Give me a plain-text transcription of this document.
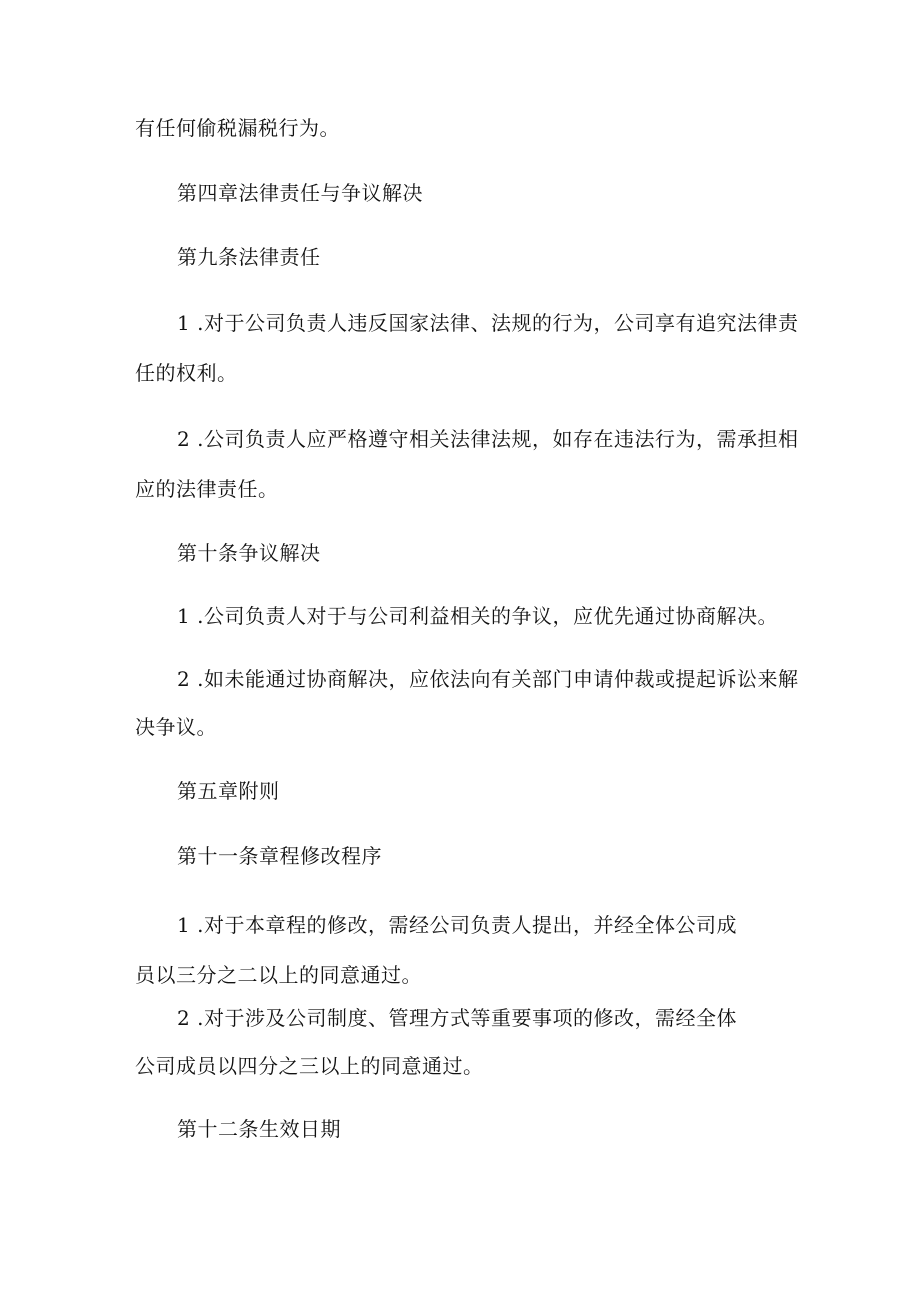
有任何偷税漏税行为。
第四章法律责任与争议解决
第九条法律责任
1 .对于公司负责人违反国家法律、法规的行为，公司享有追究法律责
任的权利。
2 .公司负责人应严格遵守相关法律法规，如存在违法行为，需承担相
应的法律责任。
第十条争议解决
1 .公司负责人对于与公司利益相关的争议，应优先通过协商解决。
2 .如未能通过协商解决，应依法向有关部门申请仲裁或提起诉讼来解
决争议。
第五章附则
第十一条章程修改程序
1 .对于本章程的修改，需经公司负责人提出，并经全体公司成
员以三分之二以上的同意通过。
2 .对于涉及公司制度、管理方式等重要事项的修改，需经全体
公司成员以四分之三以上的同意通过。
第十二条生效日期
